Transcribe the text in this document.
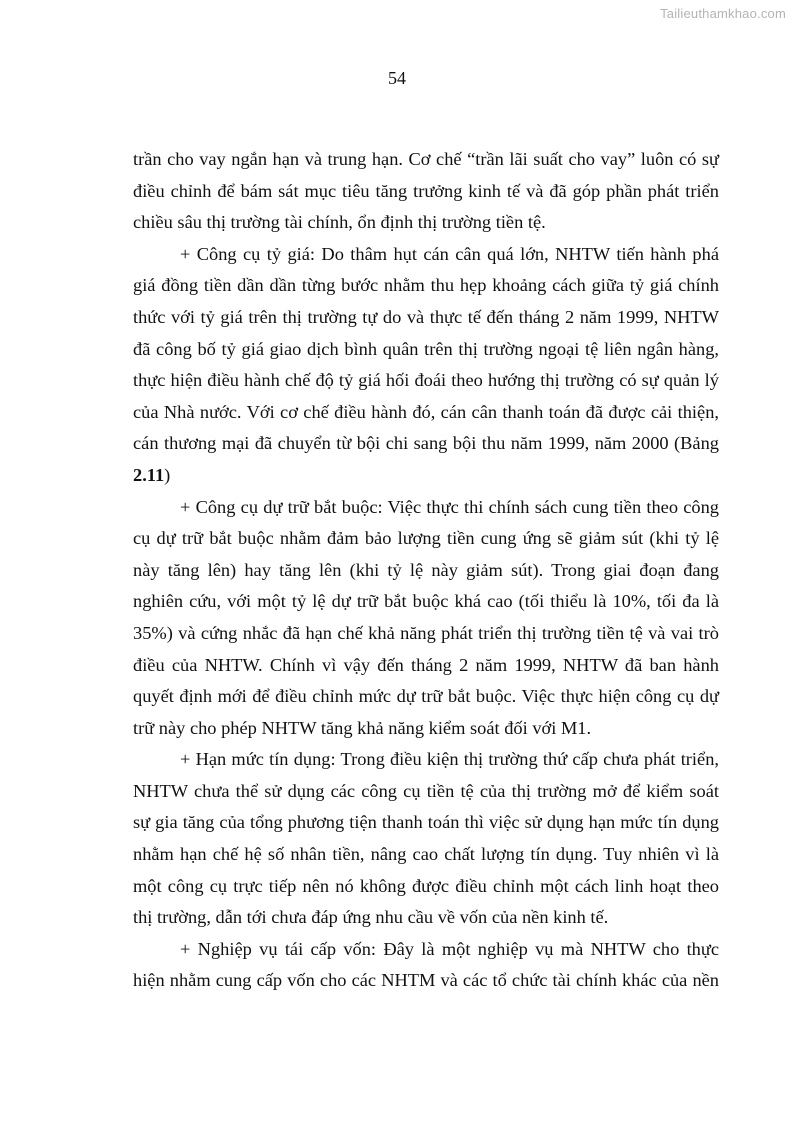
Tailieuthamkhao.com
54
trần cho vay ngắn hạn và trung hạn. Cơ chế “trần lãi suất cho vay” luôn có sự
điều chỉnh để bám sát mục tiêu tăng trưởng kinh tế và đã góp phần phát triển
chiều sâu thị trường tài chính, ổn định thị trường tiền tệ.
+ Công cụ tỷ giá: Do thâm hụt cán cân quá lớn, NHTW tiến hành phá
giá đồng tiền dần dần từng bước nhằm thu hẹp khoảng cách giữa tỷ giá chính
thức với tỷ giá trên thị trường tự do và thực tế đến tháng 2 năm 1999, NHTW
đã công bố tỷ giá giao dịch bình quân trên thị trường ngoại tệ liên ngân hàng,
thực hiện điều hành chế độ tỷ giá hối đoái theo hướng thị trường có sự quản lý
của Nhà nước. Với cơ chế điều hành đó, cán cân thanh toán đã được cải thiện,
cán thương mại đã chuyển từ bội chi sang bội thu năm 1999, năm 2000 (Bảng
2.11)
+ Công cụ dự trữ bắt buộc: Việc thực thi chính sách cung tiền theo công
cụ dự trữ bắt buộc nhằm đảm bảo lượng tiền cung ứng sẽ giảm sút (khi tỷ lệ
này tăng lên) hay tăng lên (khi tỷ lệ này giảm sút). Trong giai đoạn đang
nghiên cứu, với một tỷ lệ dự trữ bắt buộc khá cao (tối thiểu là 10%, tối đa là
35%) và cứng nhắc đã hạn chế khả năng phát triển thị trường tiền tệ và vai trò
điều của NHTW. Chính vì vậy đến tháng 2 năm 1999, NHTW đã ban hành
quyết định mới để điều chỉnh mức dự trữ bắt buộc. Việc thực hiện công cụ dự
trữ này cho phép NHTW tăng khả năng kiểm soát đối với M1.
+ Hạn mức tín dụng: Trong điều kiện thị trường thứ cấp chưa phát triển,
NHTW chưa thể sử dụng các công cụ tiền tệ của thị trường mở để kiểm soát
sự gia tăng của tổng phương tiện thanh toán thì việc sử dụng hạn mức tín dụng
nhằm hạn chế hệ số nhân tiền, nâng cao chất lượng tín dụng. Tuy nhiên vì là
một công cụ trực tiếp nên nó không được điều chỉnh một cách linh hoạt theo
thị trường, dẫn tới chưa đáp ứng nhu cầu về vốn của nền kinh tế.
+ Nghiệp vụ tái cấp vốn: Đây là một nghiệp vụ mà NHTW cho thực
hiện nhằm cung cấp vốn cho các NHTM và các tổ chức tài chính khác của nền
